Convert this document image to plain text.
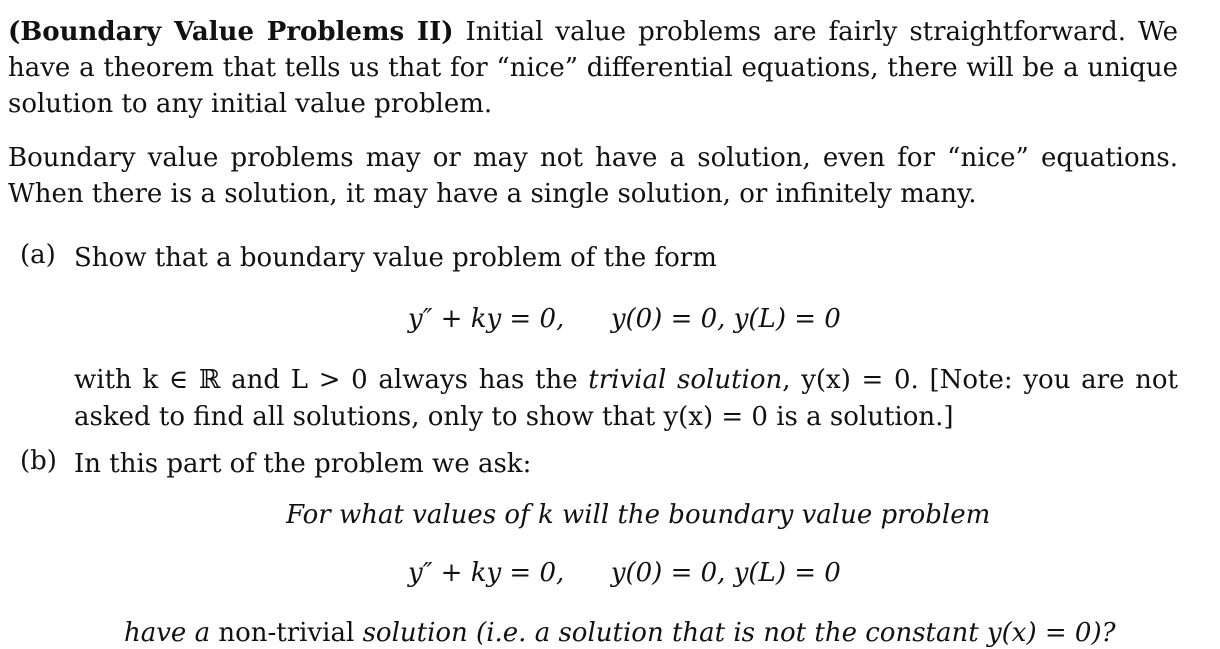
(Boundary Value Problems II) Initial value problems are fairly straightforward. We have a theorem that tells us that for “nice” differential equations, there will be a unique solution to any initial value problem.

Boundary value problems may or may not have a solution, even for “nice” equations. When there is a solution, it may have a single solution, or infinitely many.

(a) Show that a boundary value problem of the form
y″ + ky = 0, y(0) = 0, y(L) = 0
with k ∈ ℝ and L > 0 always has the trivial solution, y(x) = 0. [Note: you are not asked to find all solutions, only to show that y(x) = 0 is a solution.]
(b) In this part of the problem we ask:
For what values of k will the boundary value problem
y″ + ky = 0, y(0) = 0, y(L) = 0
have a non-trivial solution (i.e. a solution that is not the constant y(x) = 0)?
